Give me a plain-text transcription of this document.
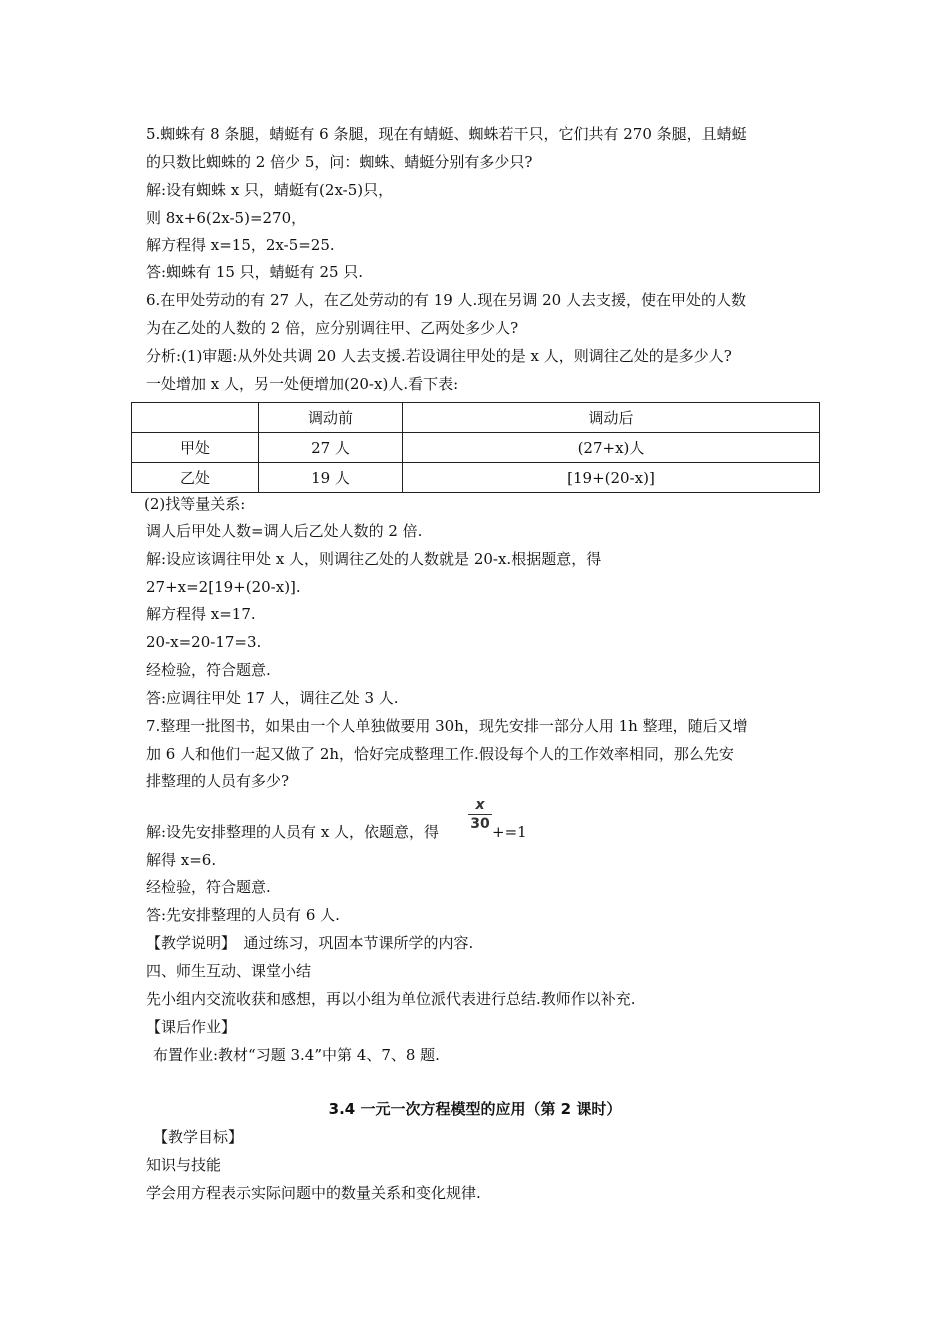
5.蜘蛛有 8 条腿，蜻蜓有 6 条腿，现在有蜻蜓、蜘蛛若干只，它们共有 270 条腿，且蜻蜓
的只数比蜘蛛的 2 倍少 5，问：蜘蛛、蜻蜓分别有多少只?
解:设有蜘蛛 x 只，蜻蜓有(2x-5)只，
则 8x+6(2x-5)=270，
解方程得 x=15，2x-5=25.
答:蜘蛛有 15 只，蜻蜓有 25 只.
6.在甲处劳动的有 27 人，在乙处劳动的有 19 人.现在另调 20 人去支援，使在甲处的人数
为在乙处的人数的 2 倍，应分别调往甲、乙两处多少人?
分析:(1)审题:从外处共调 20 人去支援.若设调往甲处的是 x 人，则调往乙处的是多少人?
一处增加 x 人，另一处便增加(20-x)人.看下表:
	调动前	调动后
甲处	27 人	(27+x)人
乙处	19 人	[19+(20-x)]
(2)找等量关系:
调人后甲处人数=调人后乙处人数的 2 倍.
解:设应该调往甲处 x 人，则调往乙处的人数就是 20-x.根据题意，得
27+x=2[19+(20-x)].
解方程得 x=17.
20-x=20-17=3.
经检验，符合题意.
答:应调往甲处 17 人，调往乙处 3 人.
7.整理一批图书，如果由一个人单独做要用 30h，现先安排一部分人用 1h 整理，随后又增
加 6 人和他们一起又做了 2h，恰好完成整理工作.假设每个人的工作效率相同，那么先安
排整理的人员有多少?
x
30
解:设先安排整理的人员有 x 人，依题意，得	+=1
解得 x=6.
经检验，符合题意.
答:先安排整理的人员有 6 人.
【教学说明】　通过练习，巩固本节课所学的内容.
四、师生互动、课堂小结
先小组内交流收获和感想，再以小组为单位派代表进行总结.教师作以补充.
【课后作业】
布置作业:教材“习题 3.4”中第 4、7、8 题.
3.4 一元一次方程模型的应用（第 2 课时）
【教学目标】
知识与技能
学会用方程表示实际问题中的数量关系和变化规律.
